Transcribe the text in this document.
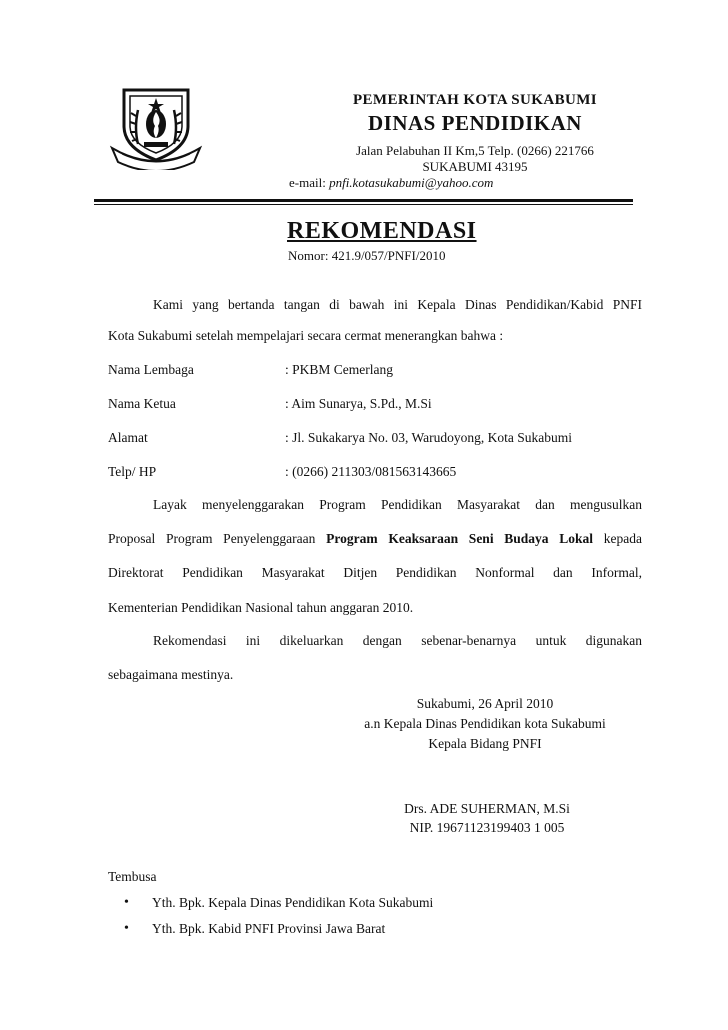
PEMERINTAH KOTA SUKABUMI
DINAS PENDIDIKAN
Jalan Pelabuhan II Km,5 Telp. (0266) 221766
SUKABUMI 43195
e-mail: pnfi.kotasukabumi@yahoo.com
REKOMENDASI
Nomor: 421.9/057/PNFI/2010
Kami yang bertanda tangan di bawah ini Kepala Dinas Pendidikan/Kabid PNFI
Kota Sukabumi setelah mempelajari secara cermat menerangkan bahwa :
Nama Lembaga	: PKBM Cemerlang
Nama Ketua	: Aim Sunarya, S.Pd., M.Si
Alamat	: Jl. Sukakarya No. 03, Warudoyong, Kota Sukabumi
Telp/ HP	: (0266) 211303/081563143665
Layak menyelenggarakan Program Pendidikan Masyarakat dan mengusulkan
Proposal Program Penyelenggaraan Program Keaksaraan Seni Budaya Lokal kepada
Direktorat Pendidikan Masyarakat Ditjen Pendidikan Nonformal dan Informal,
Kementerian Pendidikan Nasional tahun anggaran 2010.
Rekomendasi ini dikeluarkan dengan sebenar-benarnya untuk digunakan
sebagaimana mestinya.
Sukabumi, 26 April 2010
a.n Kepala Dinas Pendidikan kota Sukabumi
Kepala Bidang PNFI
Drs. ADE SUHERMAN, M.Si
NIP. 19671123199403 1 005
Tembusa
• Yth. Bpk. Kepala Dinas Pendidikan Kota Sukabumi
• Yth. Bpk. Kabid PNFI Provinsi Jawa Barat
